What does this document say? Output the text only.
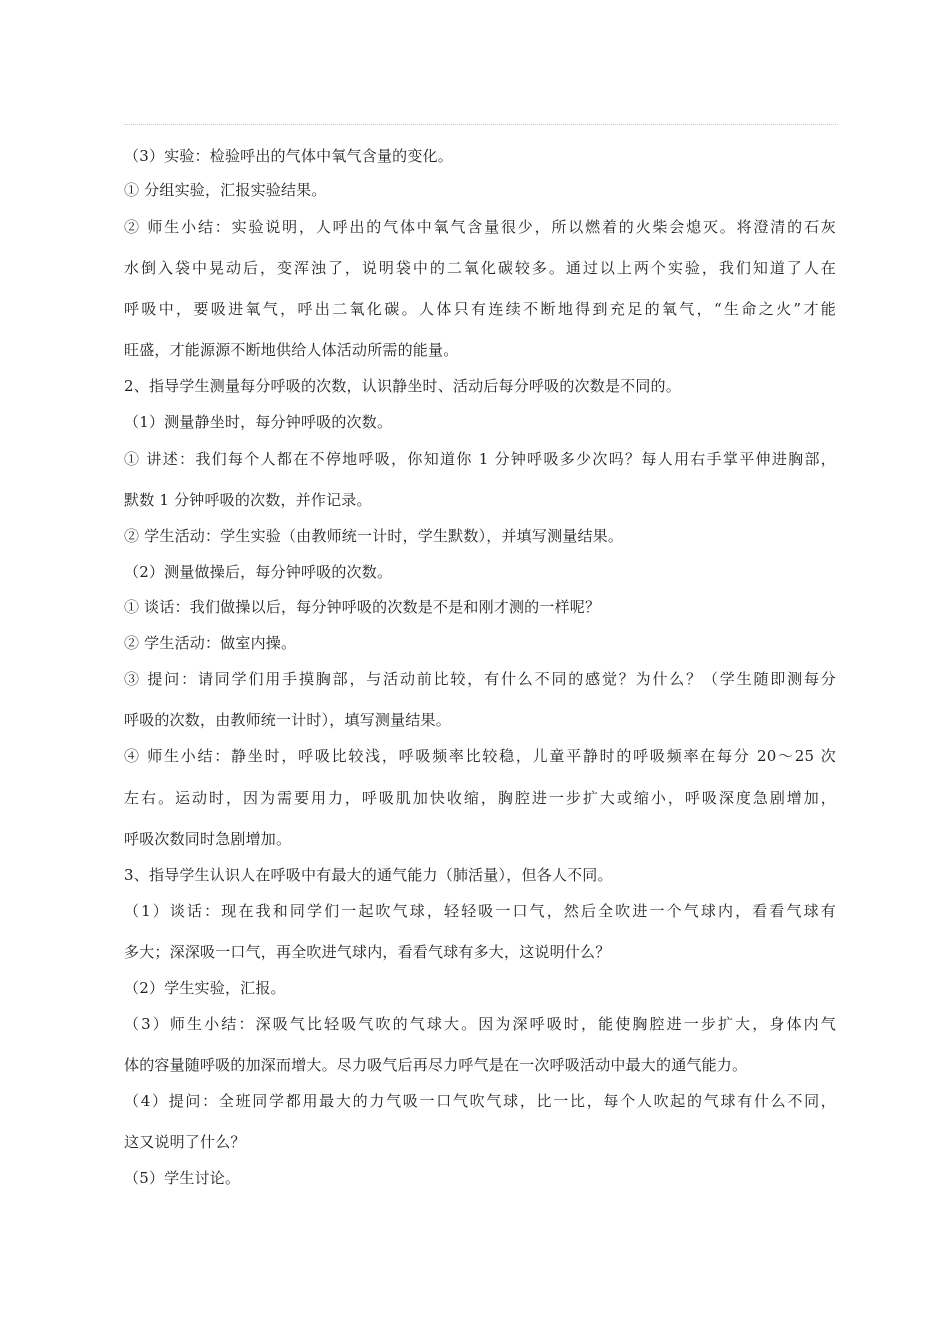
（3）实验：检验呼出的气体中氧气含量的变化。
① 分组实验，汇报实验结果。
② 师生小结：实验说明，人呼出的气体中氧气含量很少，所以燃着的火柴会熄灭。将澄清的石灰
水倒入袋中晃动后，变浑浊了，说明袋中的二氧化碳较多。通过以上两个实验，我们知道了人在
呼吸中，要吸进氧气，呼出二氧化碳。人体只有连续不断地得到充足的氧气，“生命之火”才能
旺盛，才能源源不断地供给人体活动所需的能量。
2、指导学生测量每分呼吸的次数，认识静坐时、活动后每分呼吸的次数是不同的。
（1）测量静坐时，每分钟呼吸的次数。
① 讲述：我们每个人都在不停地呼吸，你知道你 1 分钟呼吸多少次吗？每人用右手掌平伸进胸部，
默数 1 分钟呼吸的次数，并作记录。
② 学生活动：学生实验（由教师统一计时，学生默数），并填写测量结果。
（2）测量做操后，每分钟呼吸的次数。
① 谈话：我们做操以后，每分钟呼吸的次数是不是和刚才测的一样呢？
② 学生活动：做室内操。
③ 提问：请同学们用手摸胸部，与活动前比较，有什么不同的感觉？为什么？（学生随即测每分
呼吸的次数，由教师统一计时），填写测量结果。
④ 师生小结：静坐时，呼吸比较浅，呼吸频率比较稳，儿童平静时的呼吸频率在每分 20～25 次
左右。运动时，因为需要用力，呼吸肌加快收缩，胸腔进一步扩大或缩小，呼吸深度急剧增加，
呼吸次数同时急剧增加。
3、指导学生认识人在呼吸中有最大的通气能力（肺活量），但各人不同。
（1）谈话：现在我和同学们一起吹气球，轻轻吸一口气，然后全吹进一个气球内，看看气球有
多大；深深吸一口气，再全吹进气球内，看看气球有多大，这说明什么？
（2）学生实验，汇报。
（3）师生小结：深吸气比轻吸气吹的气球大。因为深呼吸时，能使胸腔进一步扩大，身体内气
体的容量随呼吸的加深而增大。尽力吸气后再尽力呼气是在一次呼吸活动中最大的通气能力。
（4）提问：全班同学都用最大的力气吸一口气吹气球，比一比，每个人吹起的气球有什么不同，
这又说明了什么？
（5）学生讨论。
